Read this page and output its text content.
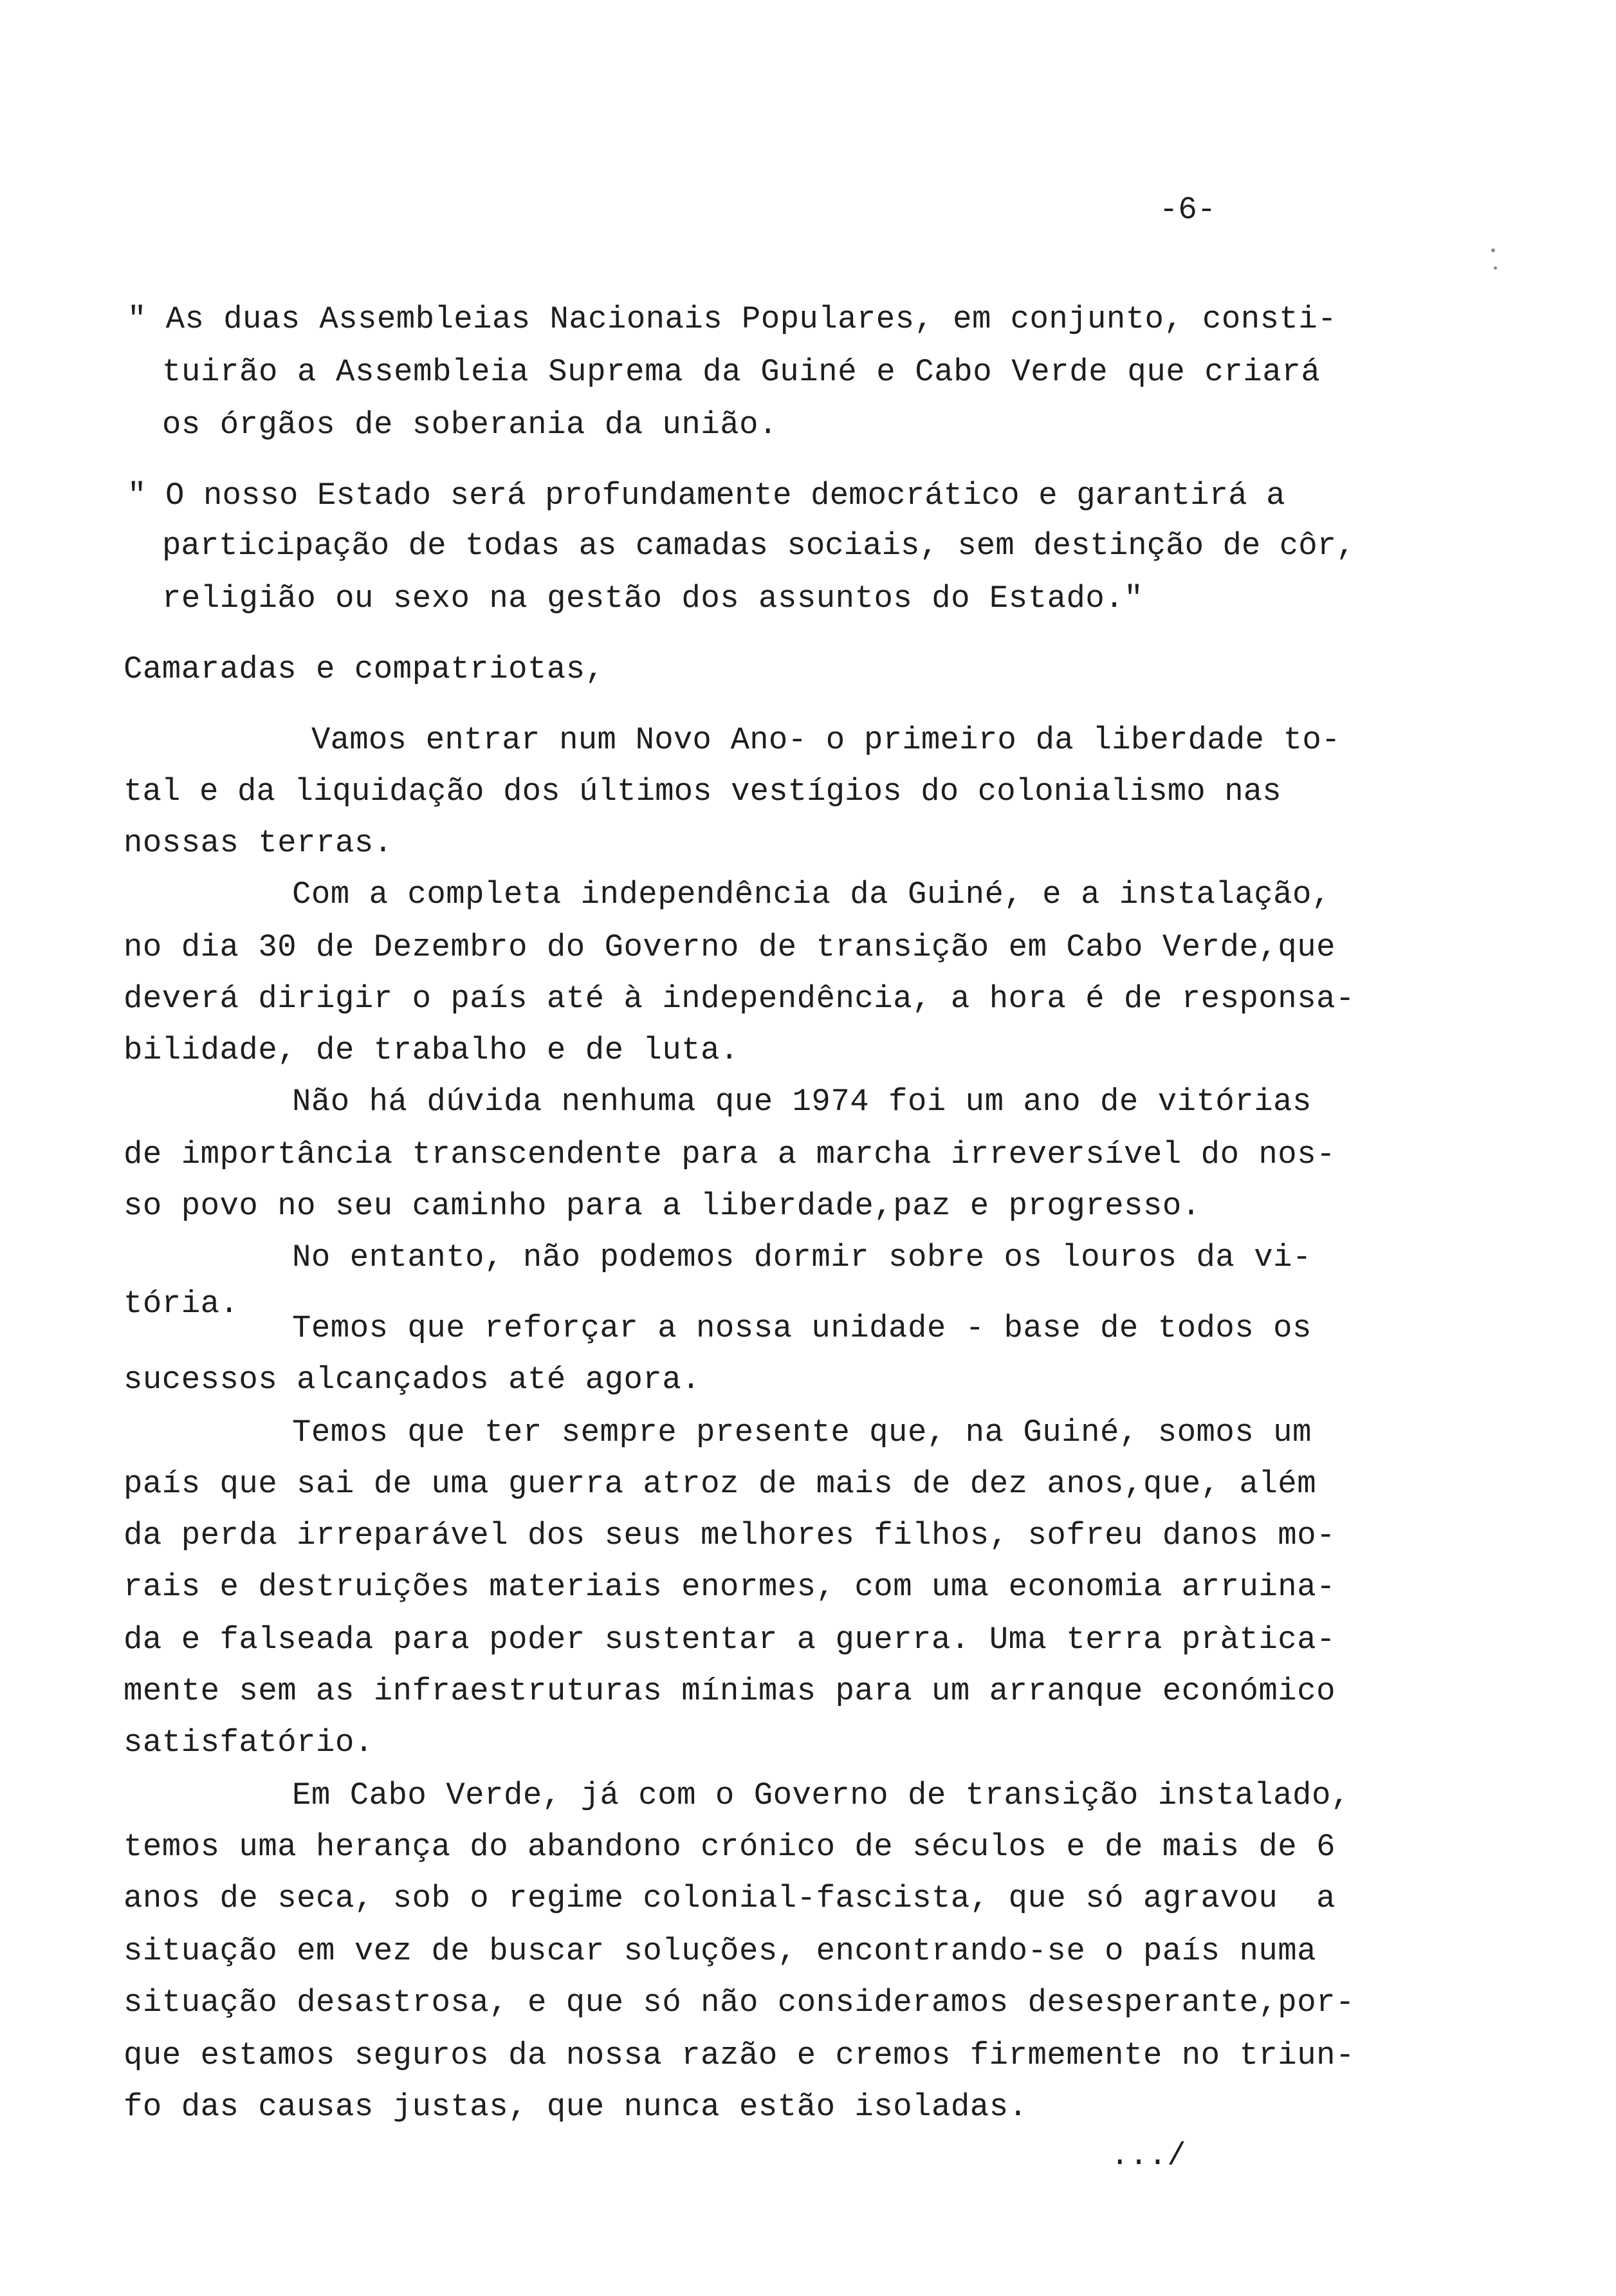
-6-
" As duas Assembleias Nacionais Populares, em conjunto, consti-
tuirão a Assembleia Suprema da Guiné e Cabo Verde que criará
os órgãos de soberania da união.
" O nosso Estado será profundamente democrático e garantirá a
participação de todas as camadas sociais, sem destinção de côr,
religião ou sexo na gestão dos assuntos do Estado."
Camaradas e compatriotas,
Vamos entrar num Novo Ano- o primeiro da liberdade to-
tal e da liquidação dos últimos vestígios do colonialismo nas
nossas terras.
Com a completa independência da Guiné, e a instalação,
no dia 30 de Dezembro do Governo de transição em Cabo Verde,que
deverá dirigir o país até à independência, a hora é de responsa-
bilidade, de trabalho e de luta.
Não há dúvida nenhuma que 1974 foi um ano de vitórias
de importância transcendente para a marcha irreversível do nos-
so povo no seu caminho para a liberdade,paz e progresso.
No entanto, não podemos dormir sobre os louros da vi-
tória.
Temos que reforçar a nossa unidade - base de todos os
sucessos alcançados até agora.
Temos que ter sempre presente que, na Guiné, somos um
país que sai de uma guerra atroz de mais de dez anos,que, além
da perda irreparável dos seus melhores filhos, sofreu danos mo-
rais e destruições materiais enormes, com uma economia arruina-
da e falseada para poder sustentar a guerra. Uma terra pràtica-
mente sem as infraestruturas mínimas para um arranque económico
satisfatório.
Em Cabo Verde, já com o Governo de transição instalado,
temos uma herança do abandono crónico de séculos e de mais de 6
anos de seca, sob o regime colonial-fascista, que só agravou  a
situação em vez de buscar soluções, encontrando-se o país numa
situação desastrosa, e que só não consideramos desesperante,por-
que estamos seguros da nossa razão e cremos firmemente no triun-
fo das causas justas, que nunca estão isoladas.
.../
